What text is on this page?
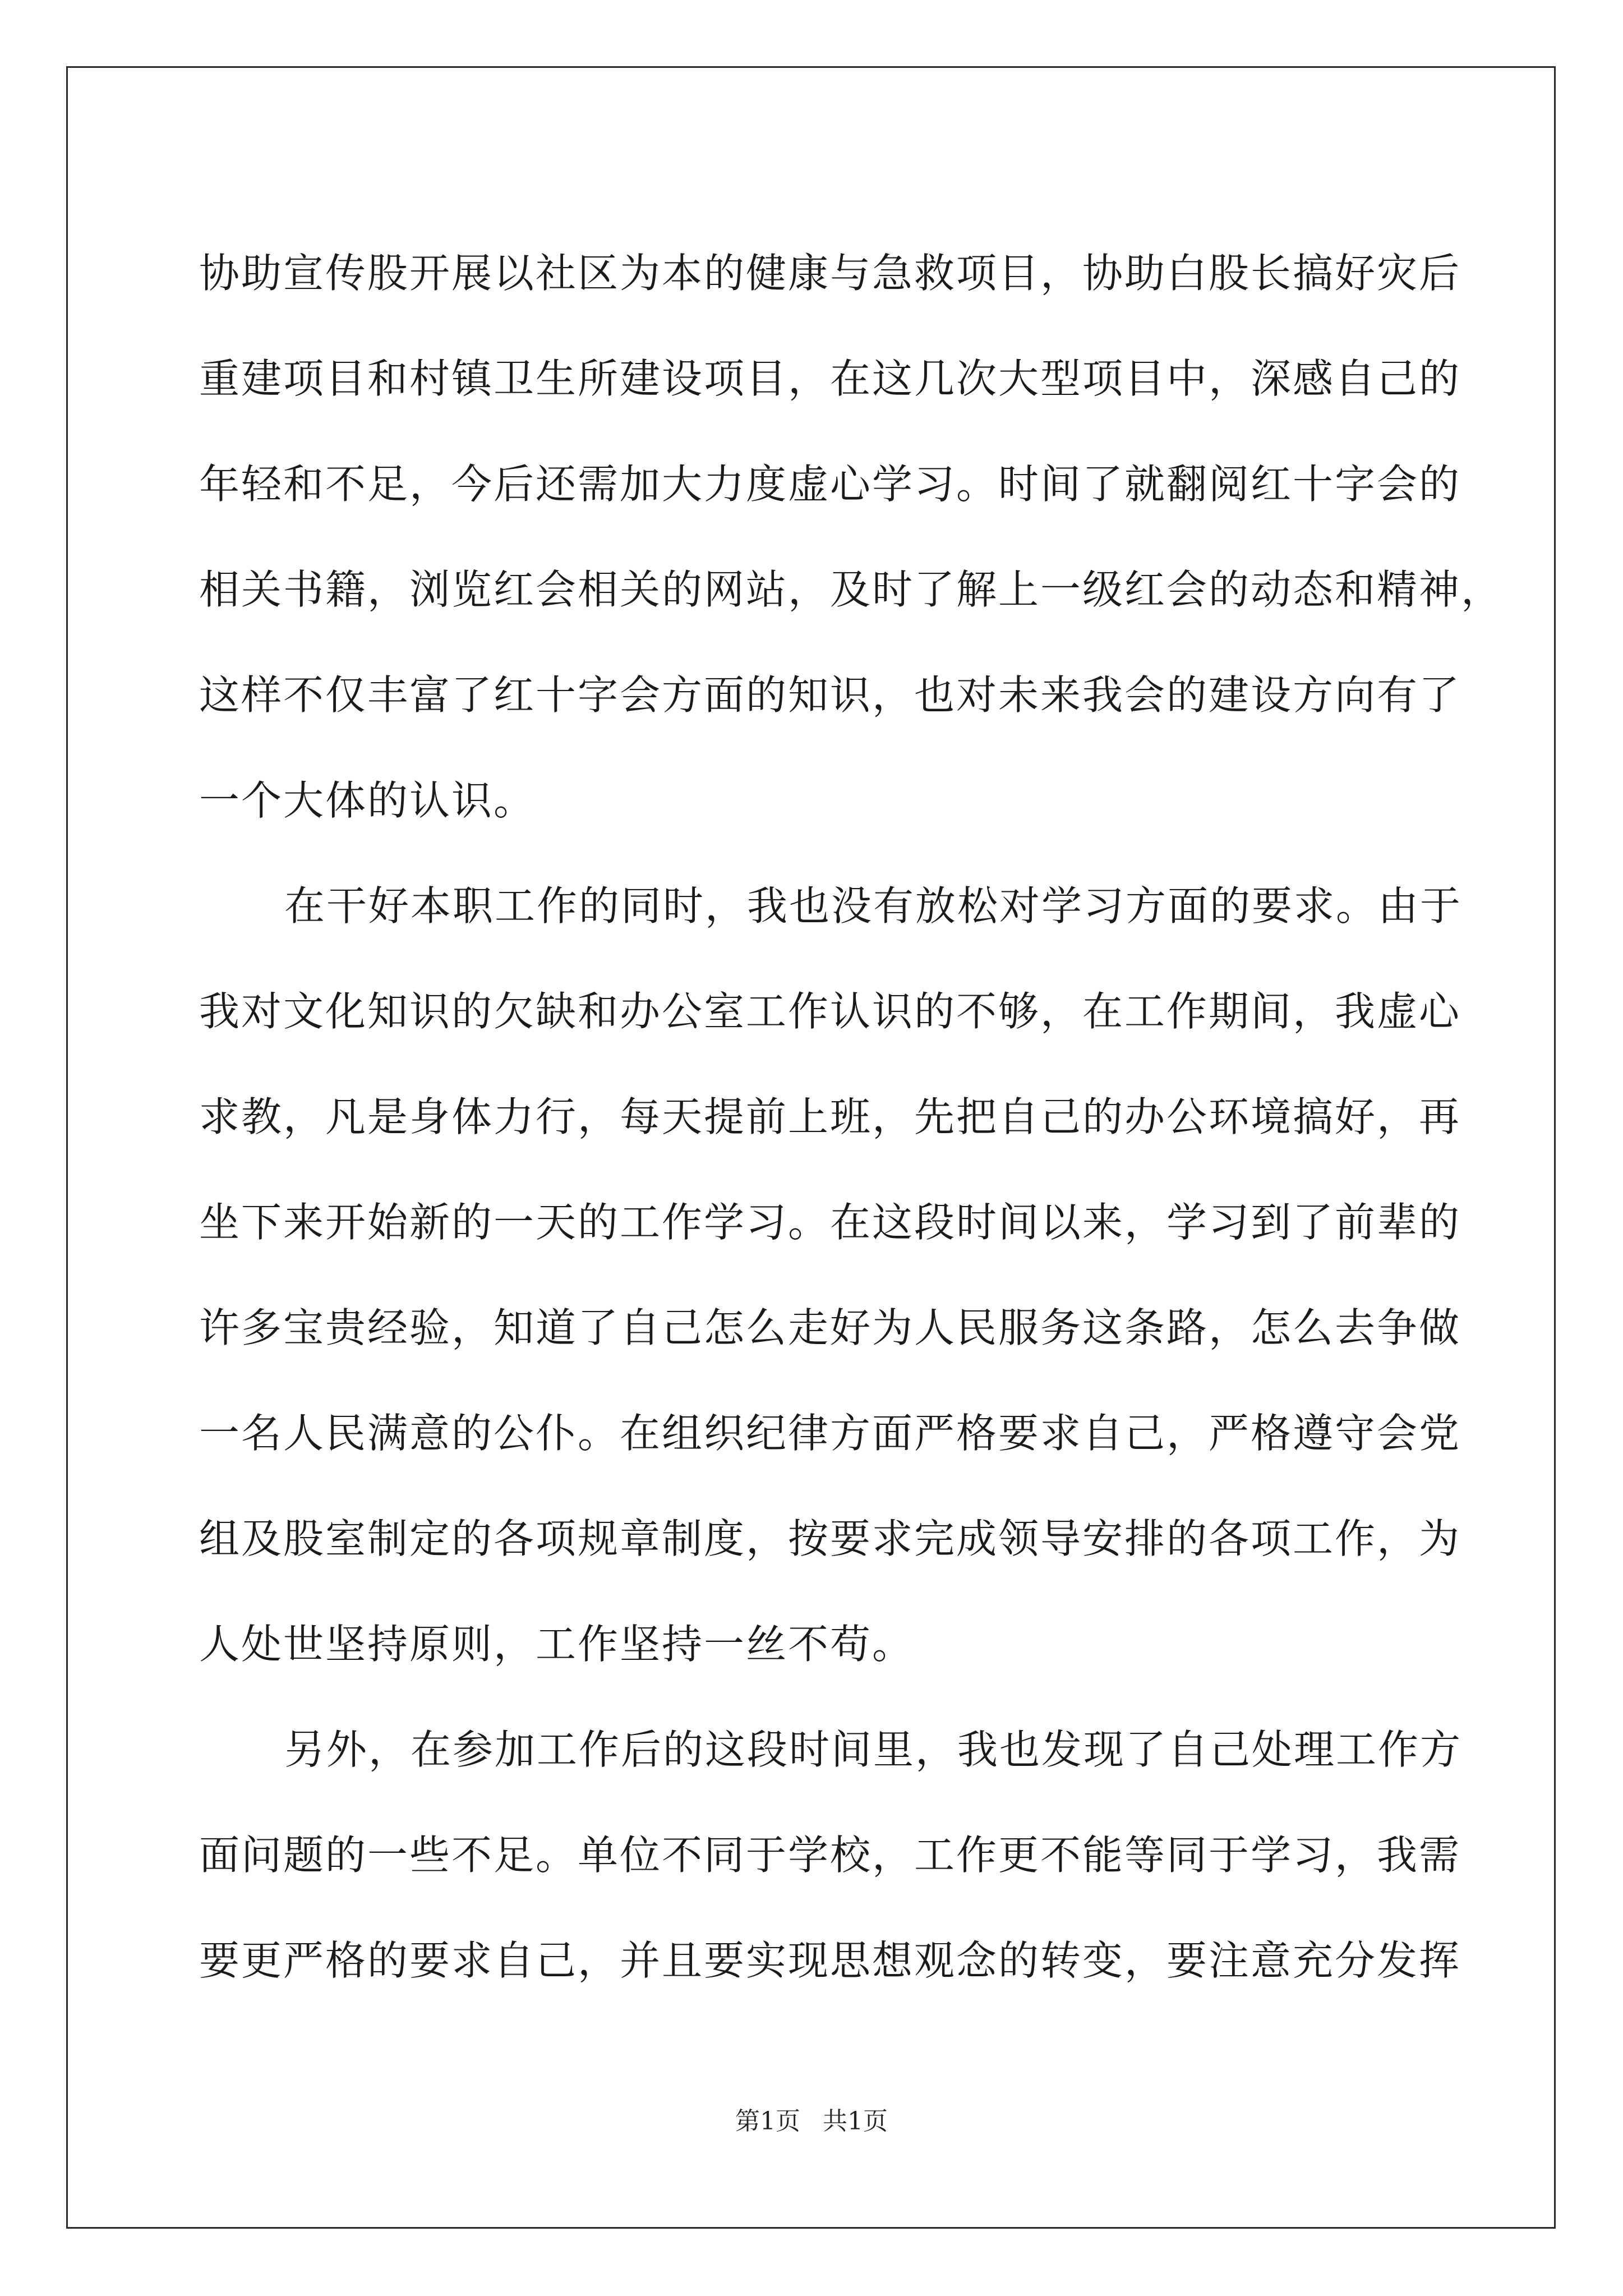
协助宣传股开展以社区为本的健康与急救项目，协助白股长搞好灾后
重建项目和村镇卫生所建设项目，在这几次大型项目中，深感自己的
年轻和不足，今后还需加大力度虚心学习。时间了就翻阅红十字会的
相关书籍，浏览红会相关的网站，及时了解上一级红会的动态和精神，
这样不仅丰富了红十字会方面的知识，也对未来我会的建设方向有了
一个大体的认识。
在干好本职工作的同时，我也没有放松对学习方面的要求。由于
我对文化知识的欠缺和办公室工作认识的不够，在工作期间，我虚心
求教，凡是身体力行，每天提前上班，先把自己的办公环境搞好，再
坐下来开始新的一天的工作学习。在这段时间以来，学习到了前辈的
许多宝贵经验，知道了自己怎么走好为人民服务这条路，怎么去争做
一名人民满意的公仆。在组织纪律方面严格要求自己，严格遵守会党
组及股室制定的各项规章制度，按要求完成领导安排的各项工作，为
人处世坚持原则，工作坚持一丝不苟。
另外，在参加工作后的这段时间里，我也发现了自己处理工作方
面问题的一些不足。单位不同于学校，工作更不能等同于学习，我需
要更严格的要求自己，并且要实现思想观念的转变，要注意充分发挥
第1页 共1页
